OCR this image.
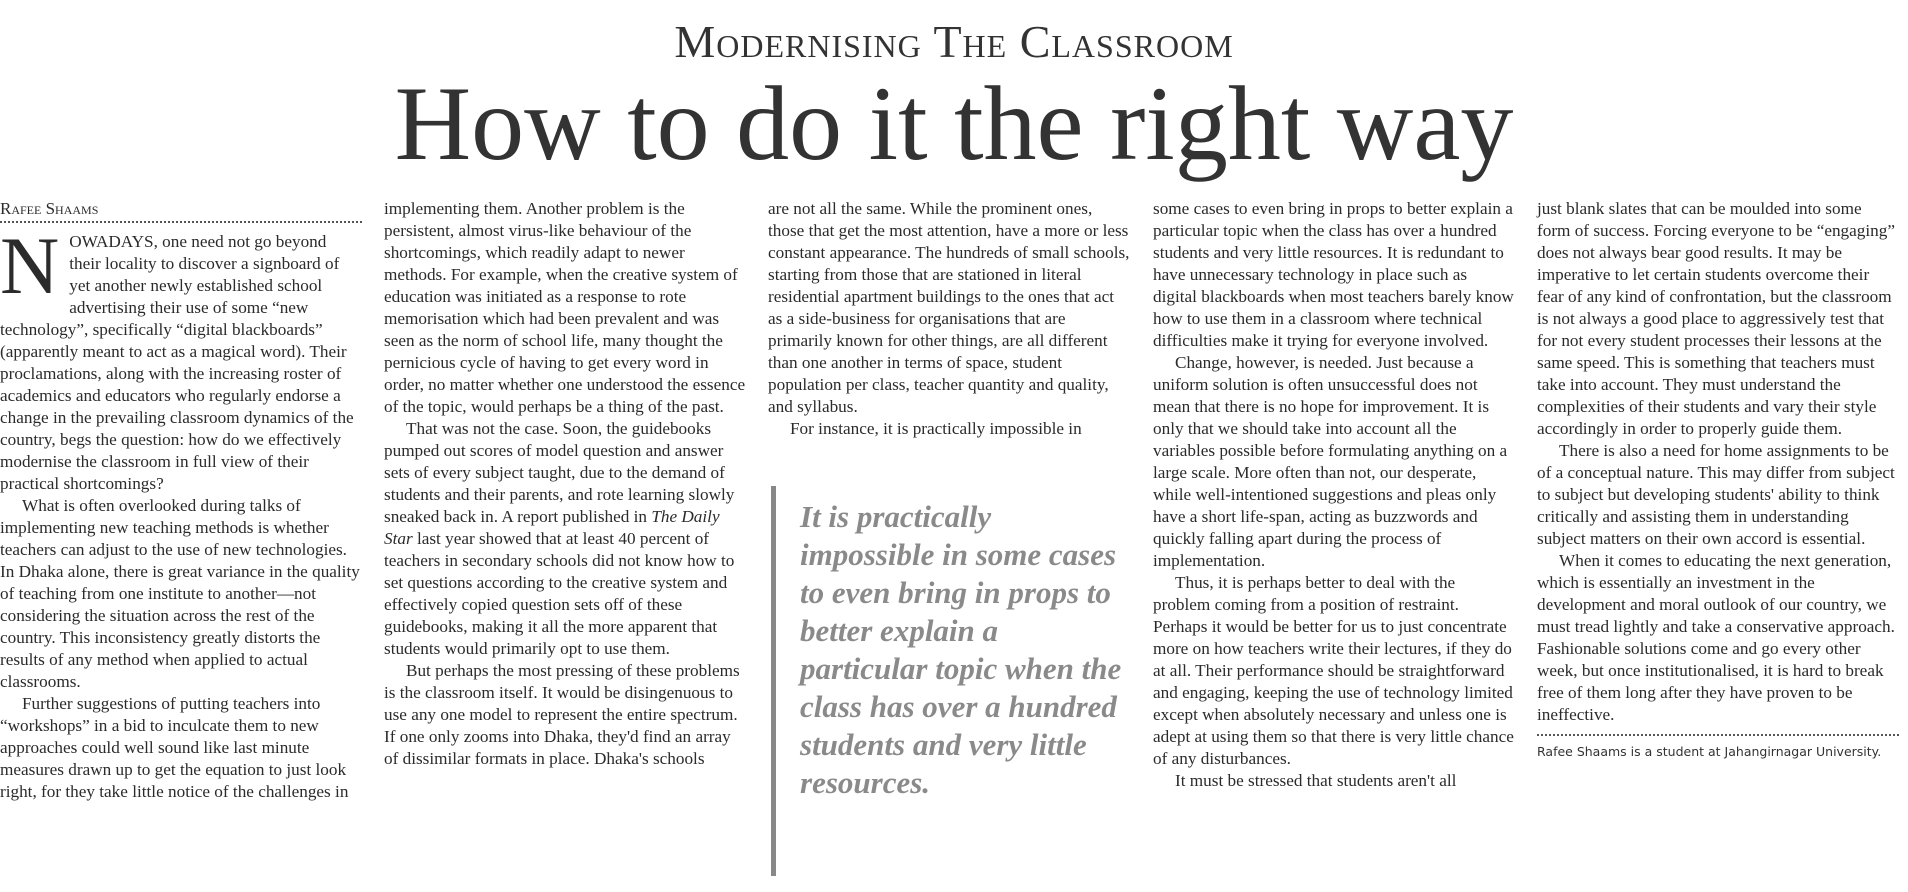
Modernising The Classroom
How to do it the right way
Rafee Shaams

NOWADAYS, one need not go beyond their locality to discover a signboard of yet another newly established school advertising their use of some “new technology”, specifically “digital blackboards” (apparently meant to act as a magical word). Their proclamations, along with the increasing roster of academics and educators who regularly endorse a change in the prevailing classroom dynamics of the country, begs the question: how do we effectively modernise the classroom in full view of their practical shortcomings?

What is often overlooked during talks of implementing new teaching methods is whether teachers can adjust to the use of new technologies. In Dhaka alone, there is great variance in the quality of teaching from one institute to another—not considering the situation across the rest of the country. This inconsistency greatly distorts the results of any method when applied to actual classrooms.

Further suggestions of putting teachers into “workshops” in a bid to inculcate them to new approaches could well sound like last minute measures drawn up to get the equation to just look right, for they take little notice of the challenges in

implementing them. Another problem is the persistent, almost virus-like behaviour of the shortcomings, which readily adapt to newer methods. For example, when the creative system of education was initiated as a response to rote memorisation which had been prevalent and was seen as the norm of school life, many thought the pernicious cycle of having to get every word in order, no matter whether one understood the essence of the topic, would perhaps be a thing of the past.

That was not the case. Soon, the guidebooks pumped out scores of model question and answer sets of every subject taught, due to the demand of students and their parents, and rote learning slowly sneaked back in. A report published in The Daily Star last year showed that at least 40 percent of teachers in secondary schools did not know how to set questions according to the creative system and effectively copied question sets off of these guidebooks, making it all the more apparent that students would primarily opt to use them.

But perhaps the most pressing of these problems is the classroom itself. It would be disingenuous to use any one model to represent the entire spectrum. If one only zooms into Dhaka, they'd find an array of dissimilar formats in place. Dhaka's schools

are not all the same. While the prominent ones, those that get the most attention, have a more or less constant appearance. The hundreds of small schools, starting from those that are stationed in literal residential apartment buildings to the ones that act as a side-business for organisations that are primarily known for other things, are all different than one another in terms of space, student population per class, teacher quantity and quality, and syllabus.

For instance, it is practically impossible in

It is practically impossible in some cases to even bring in props to better explain a particular topic when the class has over a hundred students and very little resources.

some cases to even bring in props to better explain a particular topic when the class has over a hundred students and very little resources. It is redundant to have unnecessary technology in place such as digital blackboards when most teachers barely know how to use them in a classroom where technical difficulties make it trying for everyone involved.

Change, however, is needed. Just because a uniform solution is often unsuccessful does not mean that there is no hope for improvement. It is only that we should take into account all the variables possible before formulating anything on a large scale. More often than not, our desperate, while well-intentioned suggestions and pleas only have a short life-span, acting as buzzwords and quickly falling apart during the process of implementation.

Thus, it is perhaps better to deal with the problem coming from a position of restraint. Perhaps it would be better for us to just concentrate more on how teachers write their lectures, if they do at all. Their performance should be straightforward and engaging, keeping the use of technology limited except when absolutely necessary and unless one is adept at using them so that there is very little chance of any disturbances.

It must be stressed that students aren't all

just blank slates that can be moulded into some form of success. Forcing everyone to be “engaging” does not always bear good results. It may be imperative to let certain students overcome their fear of any kind of confrontation, but the classroom is not always a good place to aggressively test that for not every student processes their lessons at the same speed. This is something that teachers must take into account. They must understand the complexities of their students and vary their style accordingly in order to properly guide them.

There is also a need for home assignments to be of a conceptual nature. This may differ from subject to subject but developing students' ability to think critically and assisting them in understanding subject matters on their own accord is essential.

When it comes to educating the next generation, which is essentially an investment in the development and moral outlook of our country, we must tread lightly and take a conservative approach. Fashionable solutions come and go every other week, but once institutionalised, it is hard to break free of them long after they have proven to be ineffective.

Rafee Shaams is a student at Jahangirnagar University.
